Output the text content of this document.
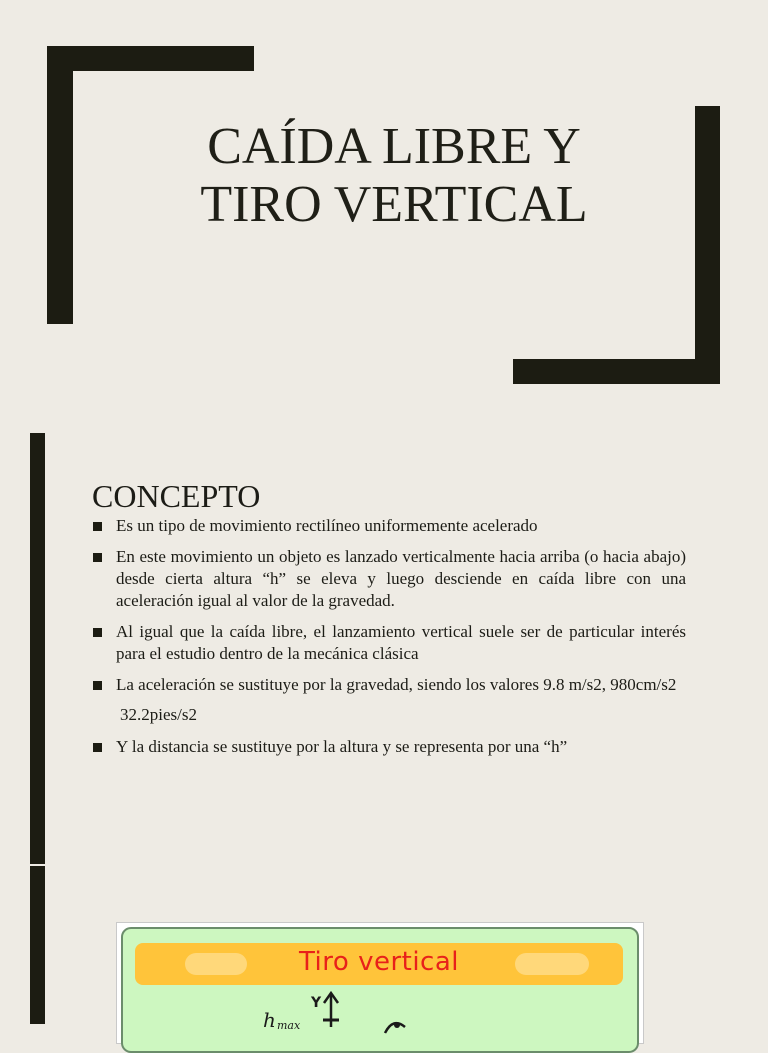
CAÍDA LIBRE Y
TIRO VERTICAL
CONCEPTO
Es un tipo de movimiento rectilíneo uniformemente acelerado
En este movimiento un objeto es lanzado verticalmente hacia arriba (o hacia abajo) desde cierta altura “h” se eleva y luego desciende en caída libre con una aceleración igual al valor de la gravedad.
Al igual que la caída libre, el lanzamiento vertical suele ser de particular interés para el estudio dentro de la mecánica clásica
La aceleración se sustituye por la gravedad, siendo los valores 9.8 m/s2, 980cm/s2
32.2pies/s2
Y la distancia se sustituye por la altura y se representa por una “h”
Tiro vertical
Y
h max
